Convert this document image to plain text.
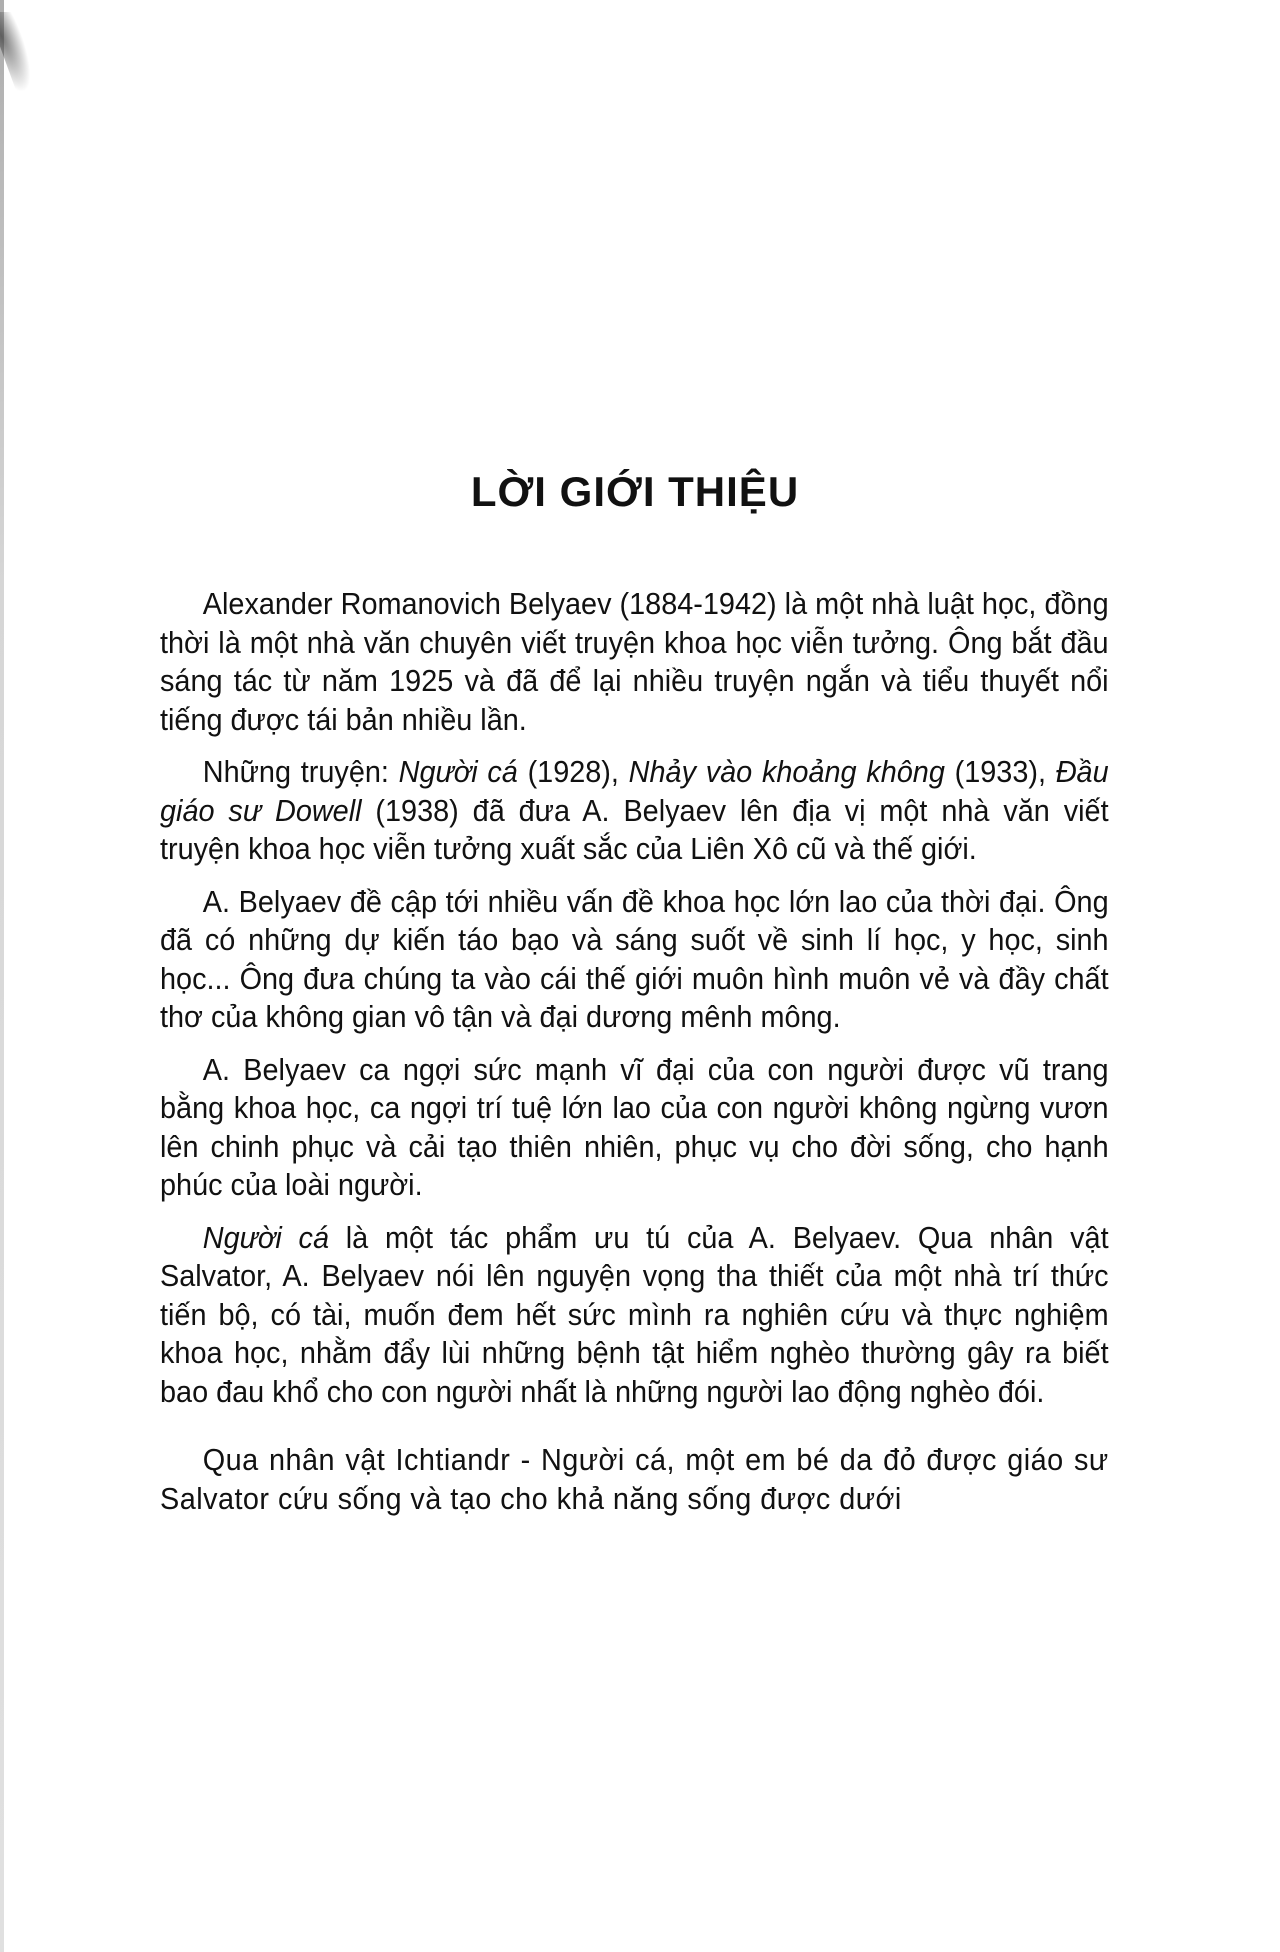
LỜI GIỚI THIỆU

Alexander Romanovich Belyaev (1884-1942) là một nhà luật học, đồng thời là một nhà văn chuyên viết truyện khoa học viễn tưởng. Ông bắt đầu sáng tác từ năm 1925 và đã để lại nhiều truyện ngắn và tiểu thuyết nổi tiếng được tái bản nhiều lần.

Những truyện: Người cá (1928), Nhảy vào khoảng không (1933), Đầu giáo sư Dowell (1938) đã đưa A. Belyaev lên địa vị một nhà văn viết truyện khoa học viễn tưởng xuất sắc của Liên Xô cũ và thế giới.

A. Belyaev đề cập tới nhiều vấn đề khoa học lớn lao của thời đại. Ông đã có những dự kiến táo bạo và sáng suốt về sinh lí học, y học, sinh học... Ông đưa chúng ta vào cái thế giới muôn hình muôn vẻ và đầy chất thơ của không gian vô tận và đại dương mênh mông.

A. Belyaev ca ngợi sức mạnh vĩ đại của con người được vũ trang bằng khoa học, ca ngợi trí tuệ lớn lao của con người không ngừng vươn lên chinh phục và cải tạo thiên nhiên, phục vụ cho đời sống, cho hạnh phúc của loài người.

Người cá là một tác phẩm ưu tú của A. Belyaev. Qua nhân vật Salvator, A. Belyaev nói lên nguyện vọng tha thiết của một nhà trí thức tiến bộ, có tài, muốn đem hết sức mình ra nghiên cứu và thực nghiệm khoa học, nhằm đẩy lùi những bệnh tật hiểm nghèo thường gây ra biết bao đau khổ cho con người nhất là những người lao động nghèo đói.

Qua nhân vật Ichtiandr - Người cá, một em bé da đỏ được giáo sư Salvator cứu sống và tạo cho khả năng sống được dưới
